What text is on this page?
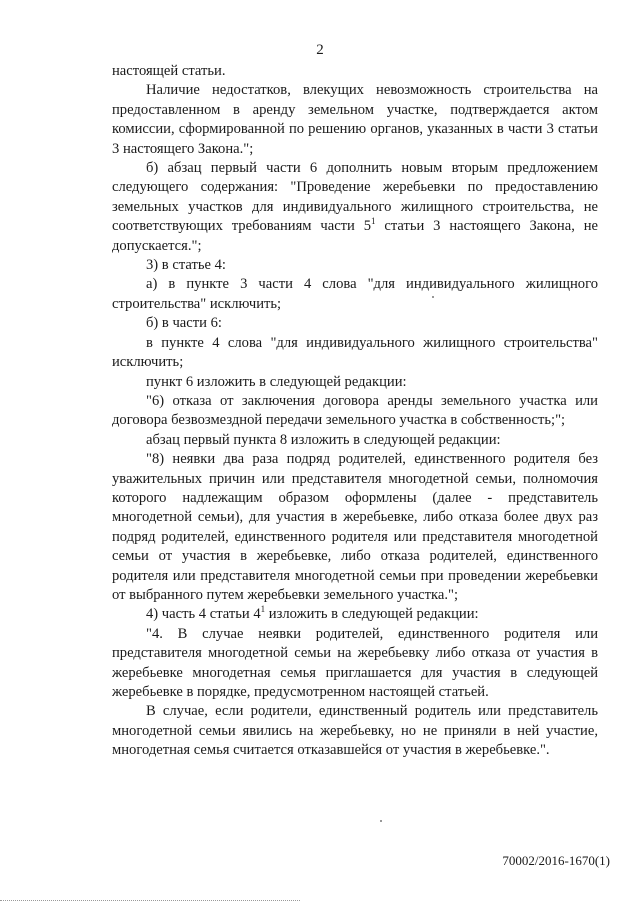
2

настоящей статьи.

Наличие недостатков, влекущих невозможность строительства на предоставленном в аренду земельном участке, подтверждается актом комиссии, сформированной по решению органов, указанных в части 3 статьи 3 настоящего Закона.";

б) абзац первый части 6 дополнить новым вторым предложением следующего содержания: "Проведение жеребьевки по предоставлению земельных участков для индивидуального жилищного строительства, не соответствующих требованиям части $5^1$ статьи 3 настоящего Закона, не допускается.";

3) в статье 4:

а) в пункте 3 части 4 слова "для индивидуального жилищного строительства" исключить;

б) в части 6:

в пункте 4 слова "для индивидуального жилищного строительства" исключить;

пункт 6 изложить в следующей редакции:

"6) отказа от заключения договора аренды земельного участка или договора безвозмездной передачи земельного участка в собственность;";

абзац первый пункта 8 изложить в следующей редакции:

"8) неявки два раза подряд родителей, единственного родителя без уважительных причин или представителя многодетной семьи, полномочия которого надлежащим образом оформлены (далее - представитель многодетной семьи), для участия в жеребьевке, либо отказа более двух раз подряд родителей, единственного родителя или представителя многодетной семьи от участия в жеребьевке, либо отказа родителей, единственного родителя или представителя многодетной семьи при проведении жеребьевки от выбранного путем жеребьевки земельного участка.";

4) часть 4 статьи $4^1$ изложить в следующей редакции:

"4. В случае неявки родителей, единственного родителя или представителя многодетной семьи на жеребьевку либо отказа от участия в жеребьевке многодетная семья приглашается для участия в следующей жеребьевке в порядке, предусмотренном настоящей статьей.

В случае, если родители, единственный родитель или представитель многодетной семьи явились на жеребьевку, но не приняли в ней участие, многодетная семья считается отказавшейся от участия в жеребьевке.".

70002/2016-1670(1)
